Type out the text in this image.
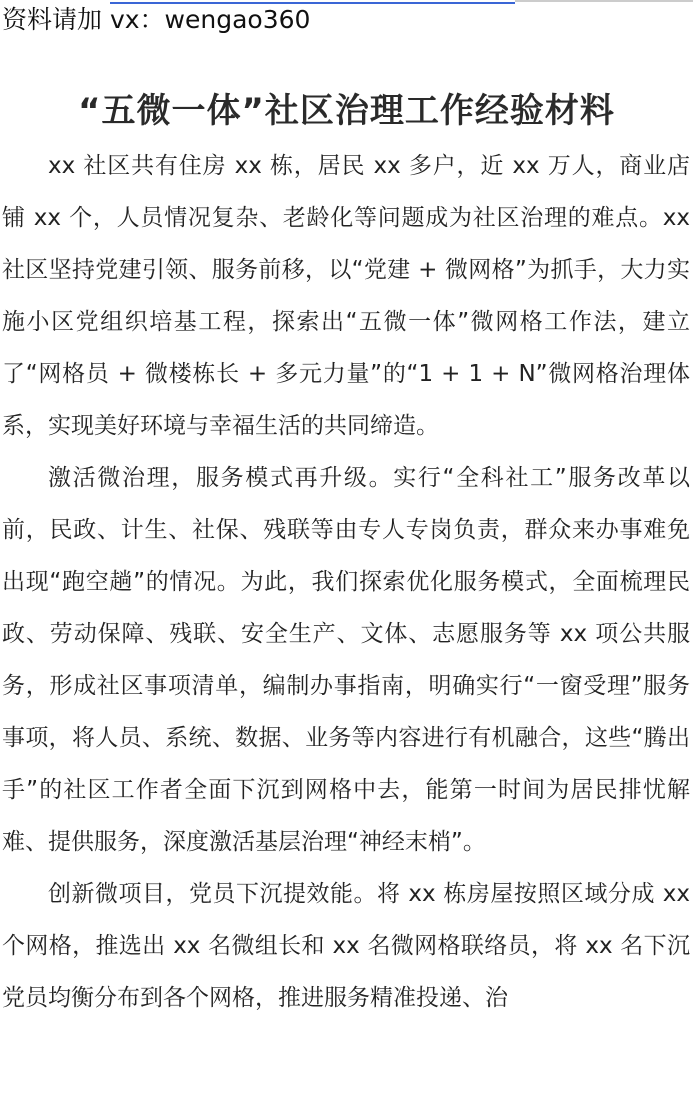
资料请加 vx：wengao360
“五微一体”社区治理工作经验材料

xx 社区共有住房 xx 栋，居民 xx 多户，近 xx 万人，商业店铺 xx 个，人员情况复杂、老龄化等问题成为社区治理的难点。xx 社区坚持党建引领、服务前移，以“党建 + 微网格”为抓手，大力实施小区党组织培基工程，探索出“五微一体”微网格工作法，建立了“网格员 + 微楼栋长 + 多元力量”的“1 + 1 + N”微网格治理体系，实现美好环境与幸福生活的共同缔造。

激活微治理，服务模式再升级。实行“全科社工”服务改革以前，民政、计生、社保、残联等由专人专岗负责，群众来办事难免出现“跑空趟”的情况。为此，我们探索优化服务模式，全面梳理民政、劳动保障、残联、安全生产、文体、志愿服务等 xx 项公共服务，形成社区事项清单，编制办事指南，明确实行“一窗受理”服务事项，将人员、系统、数据、业务等内容进行有机融合，这些“腾出手”的社区工作者全面下沉到网格中去，能第一时间为居民排忧解难、提供服务，深度激活基层治理“神经末梢”。

创新微项目，党员下沉提效能。将 xx 栋房屋按照区域分成 xx 个网格，推选出 xx 名微组长和 xx 名微网格联络员，将 xx 名下沉党员均衡分布到各个网格，推进服务精准投递、治
